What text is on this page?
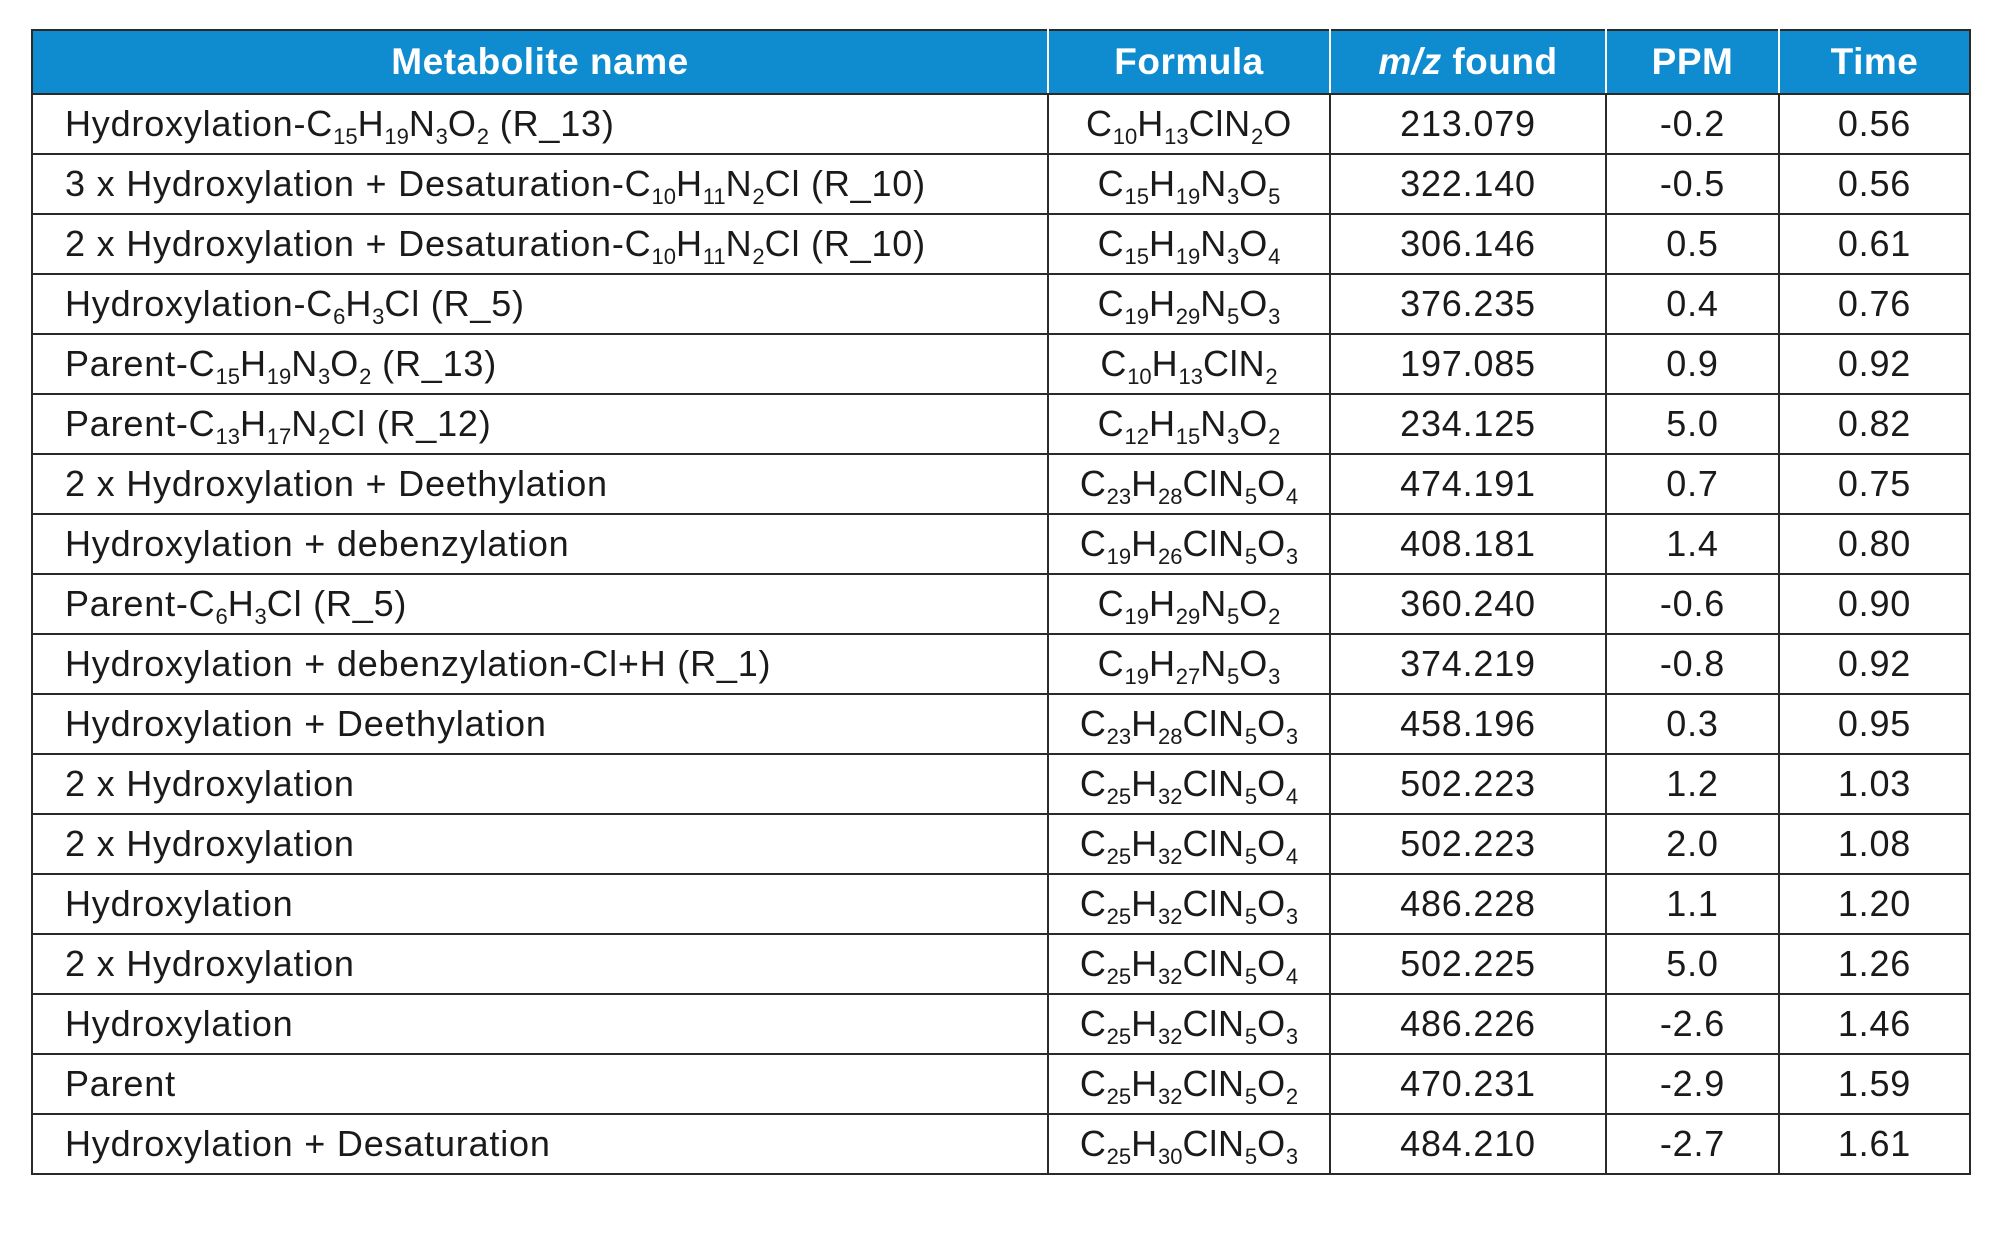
Metabolite name	Formula	m/z found	PPM	Time
Hydroxylation-$C_{15}H_{19}N_3O_2$ (R_13)	$C_{10}H_{13}ClN_2O$	213.079	-0.2	0.56
3 x Hydroxylation + Desaturation-$C_{10}H_{11}N_2Cl$ (R_10)	$C_{15}H_{19}N_3O_5$	322.140	-0.5	0.56
2 x Hydroxylation + Desaturation-$C_{10}H_{11}N_2Cl$ (R_10)	$C_{15}H_{19}N_3O_4$	306.146	0.5	0.61
Hydroxylation-$C_6H_3Cl$ (R_5)	$C_{19}H_{29}N_5O_3$	376.235	0.4	0.76
Parent-$C_{15}H_{19}N_3O_2$ (R_13)	$C_{10}H_{13}ClN_2$	197.085	0.9	0.92
Parent-$C_{13}H_{17}N_2Cl$ (R_12)	$C_{12}H_{15}N_3O_2$	234.125	5.0	0.82
2 x Hydroxylation + Deethylation	$C_{23}H_{28}ClN_5O_4$	474.191	0.7	0.75
Hydroxylation + debenzylation	$C_{19}H_{26}ClN_5O_3$	408.181	1.4	0.80
Parent-$C_6H_3Cl$ (R_5)	$C_{19}H_{29}N_5O_2$	360.240	-0.6	0.90
Hydroxylation + debenzylation-Cl+H (R_1)	$C_{19}H_{27}N_5O_3$	374.219	-0.8	0.92
Hydroxylation + Deethylation	$C_{23}H_{28}ClN_5O_3$	458.196	0.3	0.95
2 x Hydroxylation	$C_{25}H_{32}ClN_5O_4$	502.223	1.2	1.03
2 x Hydroxylation	$C_{25}H_{32}ClN_5O_4$	502.223	2.0	1.08
Hydroxylation	$C_{25}H_{32}ClN_5O_3$	486.228	1.1	1.20
2 x Hydroxylation	$C_{25}H_{32}ClN_5O_4$	502.225	5.0	1.26
Hydroxylation	$C_{25}H_{32}ClN_5O_3$	486.226	-2.6	1.46
Parent	$C_{25}H_{32}ClN_5O_2$	470.231	-2.9	1.59
Hydroxylation + Desaturation	$C_{25}H_{30}ClN_5O_3$	484.210	-2.7	1.61
